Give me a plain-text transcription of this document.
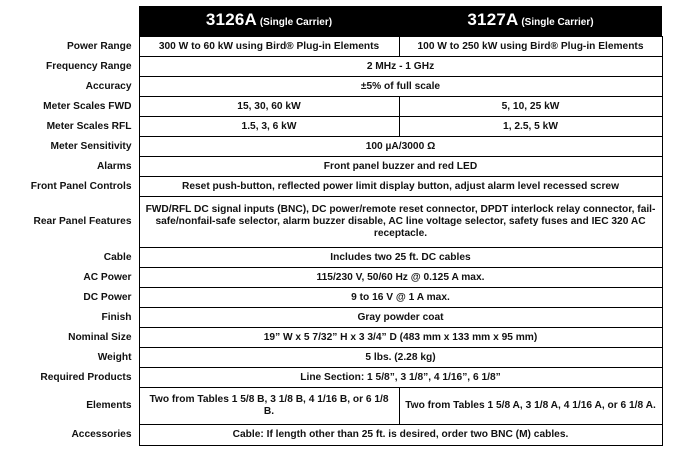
	3126A (Single Carrier)	3127A (Single Carrier)
Power Range	300 W to 60 kW using Bird® Plug-in Elements	100 W to 250 kW using Bird® Plug-in Elements
Frequency Range	2 MHz - 1 GHz	
Accuracy	±5% of full scale	
Meter Scales FWD	15, 30, 60 kW	5, 10, 25 kW
Meter Scales RFL	1.5, 3, 6 kW	1, 2.5, 5 kW
Meter Sensitivity	100 µA/3000 Ω	
Alarms	Front panel buzzer and red LED	
Front Panel Controls	Reset push-button, reflected power limit display button, adjust alarm level recessed screw	
Rear Panel Features	FWD/RFL DC signal inputs (BNC), DC power/remote reset connector, DPDT interlock relay connector, fail-safe/nonfail-safe selector, alarm buzzer disable, AC line voltage selector, safety fuses and IEC 320 AC receptacle.	

Cable	Includes two 25 ft. DC cables	
AC Power	115/230 V, 50/60 Hz @ 0.125 A max.	
DC Power	9 to 16 V @ 1 A max.	
Finish	Gray powder coat	
Nominal Size	19” W x 5 7/32” H x 3 3/4” D (483 mm x 133 mm x 95 mm)	
Weight	5 lbs. (2.28 kg)	
Required Products	Line Section: 1 5/8”, 3 1/8”, 4 1/16”, 6 1/8”	
Elements	Two from Tables 1 5/8 B, 3 1/8 B, 4 1/16 B, or 6 1/8 B.	Two from Tables 1 5/8 A, 3 1/8 A, 4 1/16 A, or 6 1/8 A.

Accessories	Cable: If length other than 25 ft. is desired, order two BNC (M) cables.	
